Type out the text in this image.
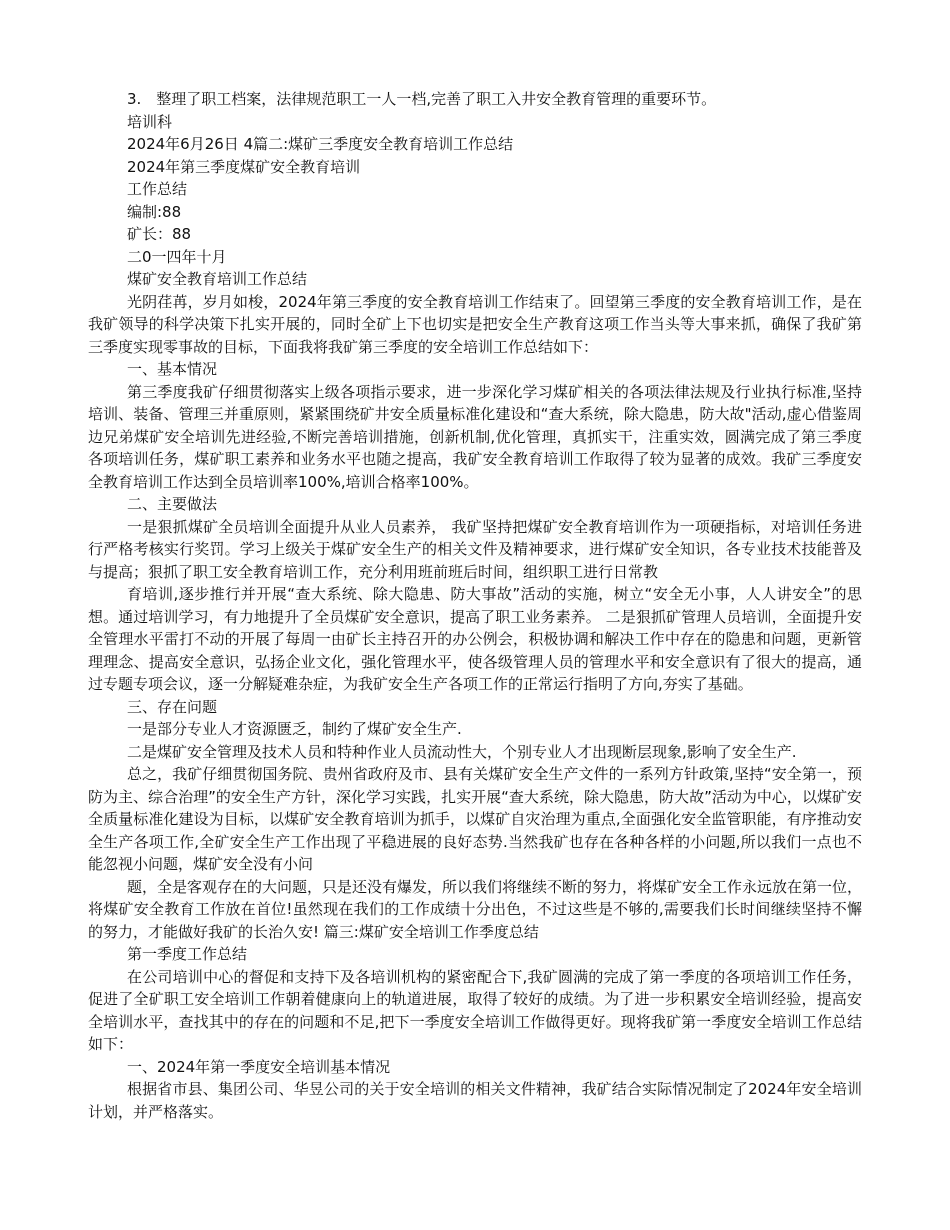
3.　整理了职工档案，法律规范职工一人一档,完善了职工入井安全教育管理的重要环节。

培训科

2024年6月26日 4篇二:煤矿三季度安全教育培训工作总结

2024年第三季度煤矿安全教育培训

工作总结

编制:88

矿长：88

二0一四年十月

煤矿安全教育培训工作总结

光阴荏苒，岁月如梭，2024年第三季度的安全教育培训工作结束了。回望第三季度的安全教育培训工作，是在我矿领导的科学决策下扎实开展的，同时全矿上下也切实是把安全生产教育这项工作当头等大事来抓，确保了我矿第三季度实现零事故的目标，下面我将我矿第三季度的安全培训工作总结如下：

一、基本情况

第三季度我矿仔细贯彻落实上级各项指示要求，进一步深化学习煤矿相关的各项法律法规及行业执行标准,坚持培训、装备、管理三并重原则，紧紧围绕矿井安全质量标准化建设和“查大系统，除大隐患，防大故"活动,虚心借鉴周边兄弟煤矿安全培训先进经验,不断完善培训措施，创新机制,优化管理，真抓实干，注重实效，圆满完成了第三季度各项培训任务，煤矿职工素养和业务水平也随之提高，我矿安全教育培训工作取得了较为显著的成效。我矿三季度安全教育培训工作达到全员培训率100%,培训合格率100%。

二、主要做法

一是狠抓煤矿全员培训全面提升从业人员素养， 我矿坚持把煤矿安全教育培训作为一项硬指标，对培训任务进行严格考核实行奖罚。学习上级关于煤矿安全生产的相关文件及精神要求，进行煤矿安全知识，各专业技术技能普及与提高；狠抓了职工安全教育培训工作，充分利用班前班后时间，组织职工进行日常教

育培训,逐步推行并开展“查大系统、除大隐患、防大事故”活动的实施，树立“安全无小事，人人讲安全”的思想。通过培训学习，有力地提升了全员煤矿安全意识，提高了职工业务素养。 二是狠抓矿管理人员培训，全面提升安全管理水平雷打不动的开展了每周一由矿长主持召开的办公例会，积极协调和解决工作中存在的隐患和问题，更新管理理念、提高安全意识，弘扬企业文化，强化管理水平，使各级管理人员的管理水平和安全意识有了很大的提高，通过专题专项会议，逐一分解疑难杂症，为我矿安全生产各项工作的正常运行指明了方向,夯实了基础。

三、存在问题

一是部分专业人才资源匮乏，制约了煤矿安全生产.

二是煤矿安全管理及技术人员和特种作业人员流动性大，个别专业人才出现断层现象,影响了安全生产.

总之，我矿仔细贯彻国务院、贵州省政府及市、县有关煤矿安全生产文件的一系列方针政策,坚持“安全第一，预防为主、综合治理”的安全生产方针，深化学习实践，扎实开展“查大系统，除大隐患，防大故”活动为中心，以煤矿安全质量标准化建设为目标，以煤矿安全教育培训为抓手，以煤矿自灾治理为重点,全面强化安全监管职能，有序推动安全生产各项工作,全矿安全生产工作出现了平稳进展的良好态势.当然我矿也存在各种各样的小问题,所以我们一点也不能忽视小问题，煤矿安全没有小问

题，全是客观存在的大问题，只是还没有爆发，所以我们将继续不断的努力，将煤矿安全工作永远放在第一位，将煤矿安全教育工作放在首位!虽然现在我们的工作成绩十分出色，不过这些是不够的,需要我们长时间继续坚持不懈的努力，才能做好我矿的长治久安! 篇三:煤矿安全培训工作季度总结

第一季度工作总结

在公司培训中心的督促和支持下及各培训机构的紧密配合下,我矿圆满的完成了第一季度的各项培训工作任务，促进了全矿职工安全培训工作朝着健康向上的轨道进展，取得了较好的成绩。为了进一步积累安全培训经验，提高安全培训水平，查找其中的存在的问题和不足,把下一季度安全培训工作做得更好。现将我矿第一季度安全培训工作总结如下：

一、2024年第一季度安全培训基本情况

根据省市县、集团公司、华昱公司的关于安全培训的相关文件精神，我矿结合实际情况制定了2024年安全培训计划，并严格落实。
